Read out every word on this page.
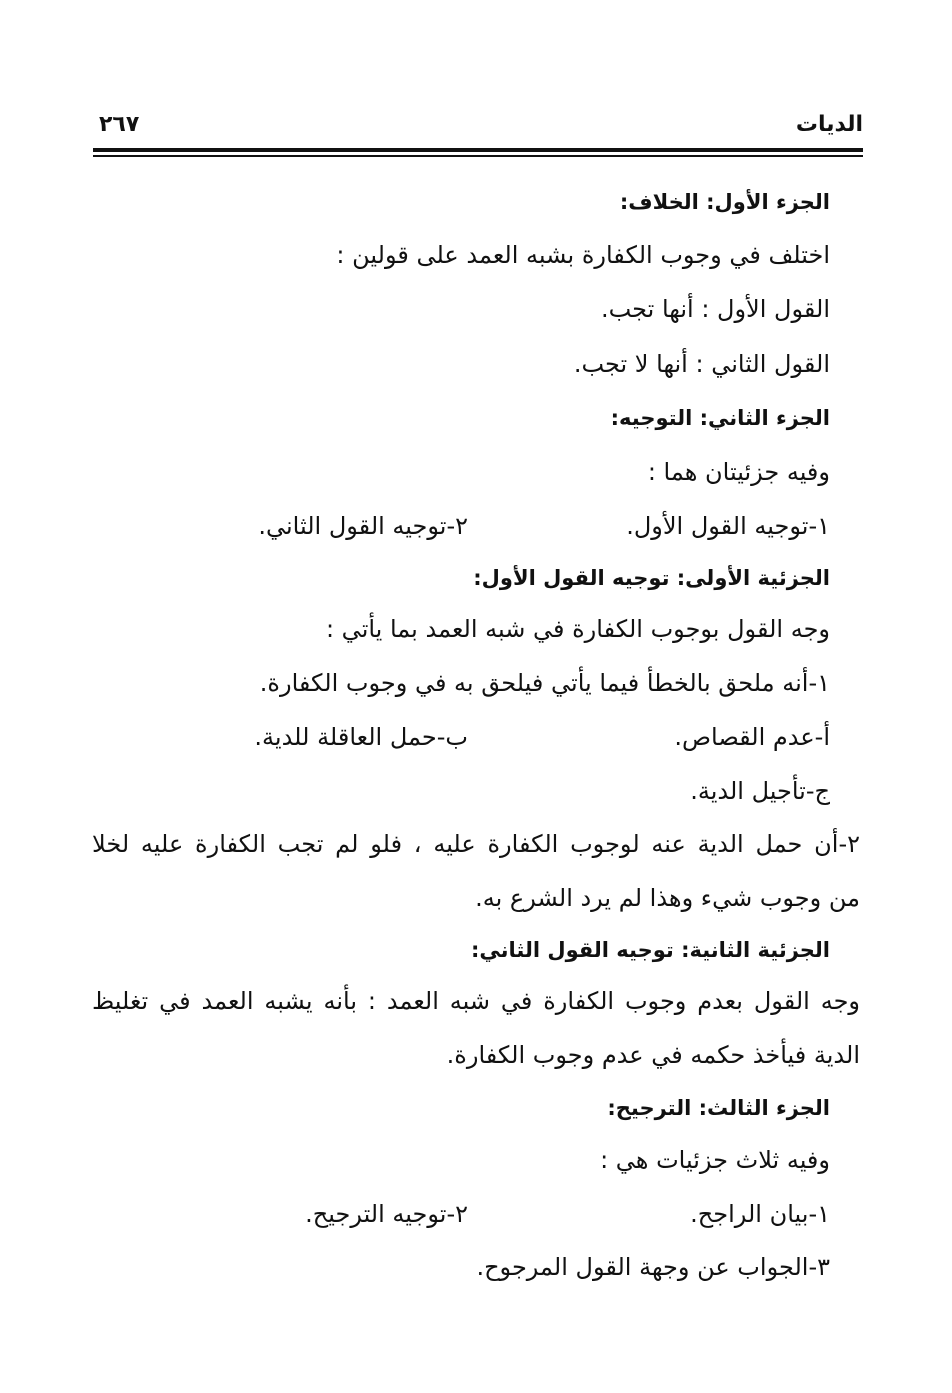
الديات
٢٦٧
الجزء الأول: الخلاف:
اختلف في وجوب الكفارة بشبه العمد على قولين :
القول الأول : أنها تجب.
القول الثاني : أنها لا تجب.
الجزء الثاني: التوجيه:
وفيه جزئيتان هما :
١-توجيه القول الأول.
٢-توجيه القول الثاني.
الجزئية الأولى: توجيه القول الأول:
وجه القول بوجوب الكفارة في شبه العمد بما يأتي :
١-أنه ملحق بالخطأ فيما يأتي فيلحق به في وجوب الكفارة.
أ-عدم القصاص.
ب-حمل العاقلة للدية.
ج-تأجيل الدية.
٢-أن حمل الدية عنه لوجوب الكفارة عليه ، فلو لم تجب الكفارة عليه لخلا
من وجوب شيء وهذا لم يرد الشرع به.
الجزئية الثانية: توجيه القول الثاني:
وجه القول بعدم وجوب الكفارة في شبه العمد : بأنه يشبه العمد في تغليظ
الدية فيأخذ حكمه في عدم وجوب الكفارة.
الجزء الثالث: الترجيح:
وفيه ثلاث جزئيات هي :
١-بيان الراجح.
٢-توجيه الترجيح.
٣-الجواب عن وجهة القول المرجوح.
